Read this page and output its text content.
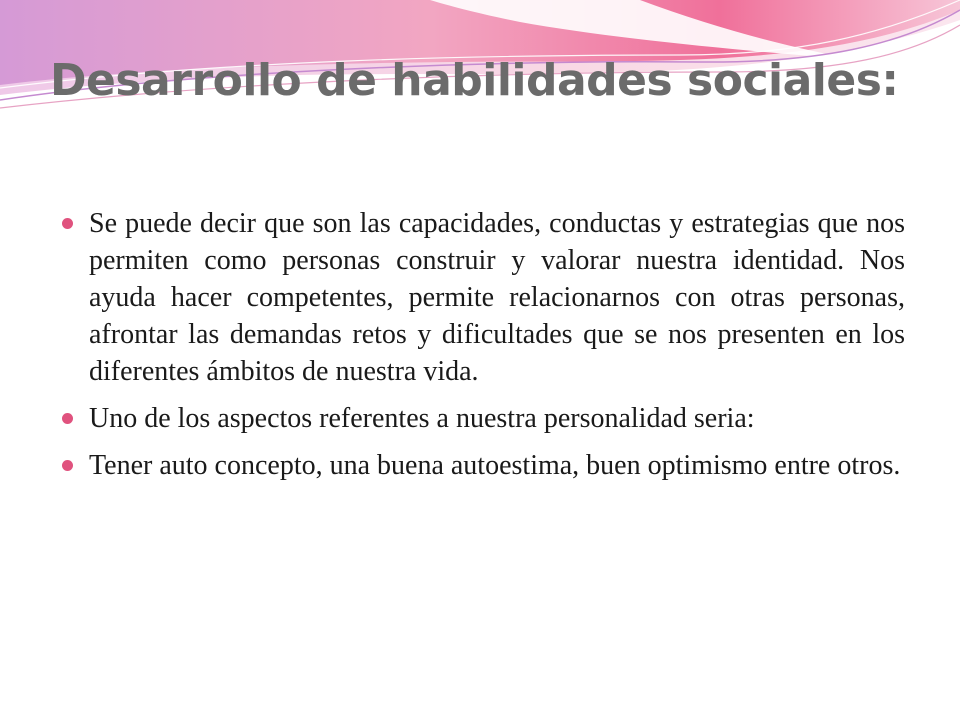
Desarrollo de habilidades sociales:
Se puede decir que son las capacidades, conductas y estrategias que nos permiten como personas construir y valorar nuestra identidad. Nos ayuda hacer competentes, permite relacionarnos con otras personas, afrontar las demandas retos y dificultades que se nos presenten en los diferentes ámbitos de nuestra vida.
Uno de los aspectos referentes a nuestra personalidad seria:
Tener auto concepto, una buena autoestima, buen optimismo entre otros.
